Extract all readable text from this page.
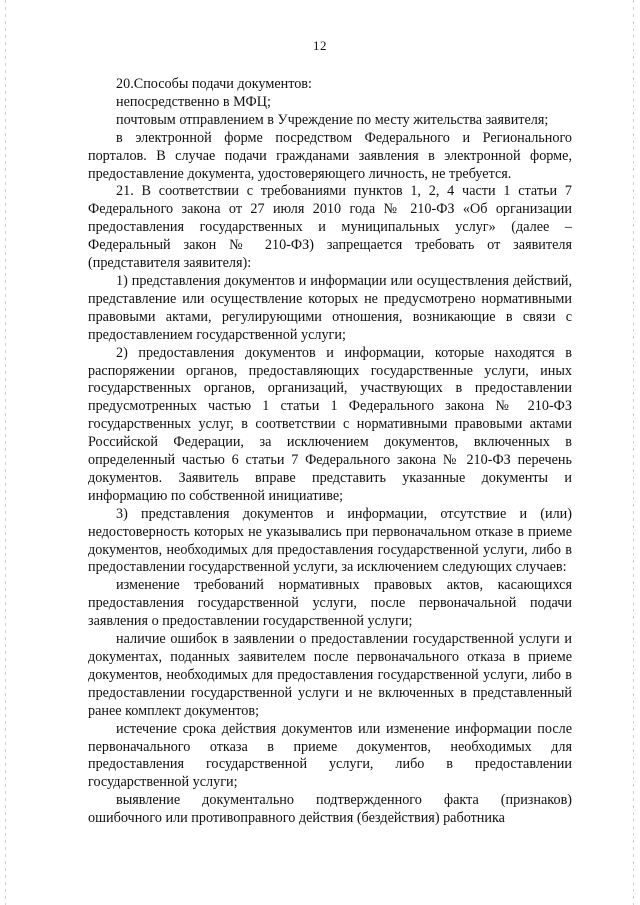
12

20.Способы подачи документов:

непосредственно в МФЦ;

почтовым отправлением в Учреждение по месту жительства заявителя;

в электронной форме посредством Федерального и Регионального порталов. В случае подачи гражданами заявления в электронной форме, предоставление документа, удостоверяющего личность, не требуется.

21. В соответствии с требованиями пунктов 1, 2, 4 части 1 статьи 7 Федерального закона от 27 июля 2010 года № 210-ФЗ «Об организации предоставления государственных и муниципальных услуг» (далее – Федеральный закон № 210-ФЗ) запрещается требовать от заявителя (представителя заявителя):

1) представления документов и информации или осуществления действий, представление или осуществление которых не предусмотрено нормативными правовыми актами, регулирующими отношения, возникающие в связи с предоставлением государственной услуги;

2) предоставления документов и информации, которые находятся в распоряжении органов, предоставляющих государственные услуги, иных государственных органов, организаций, участвующих в предоставлении предусмотренных частью 1 статьи 1 Федерального закона № 210-ФЗ государственных услуг, в соответствии с нормативными правовыми актами Российской Федерации, за исключением документов, включенных в определенный частью 6 статьи 7 Федерального закона № 210-ФЗ перечень документов. Заявитель вправе представить указанные документы и информацию по собственной инициативе;

3) представления документов и информации, отсутствие и (или) недостоверность которых не указывались при первоначальном отказе в приеме документов, необходимых для предоставления государственной услуги, либо в предоставлении государственной услуги, за исключением следующих случаев:

изменение требований нормативных правовых актов, касающихся предоставления государственной услуги, после первоначальной подачи заявления о предоставлении государственной услуги;

наличие ошибок в заявлении о предоставлении государственной услуги и документах, поданных заявителем после первоначального отказа в приеме документов, необходимых для предоставления государственной услуги, либо в предоставлении государственной услуги и не включенных в представленный ранее комплект документов;

истечение срока действия документов или изменение информации после первоначального отказа в приеме документов, необходимых для предоставления государственной услуги, либо в предоставлении государственной услуги;

выявление документально подтвержденного факта (признаков) ошибочного или противоправного действия (бездействия) работника
